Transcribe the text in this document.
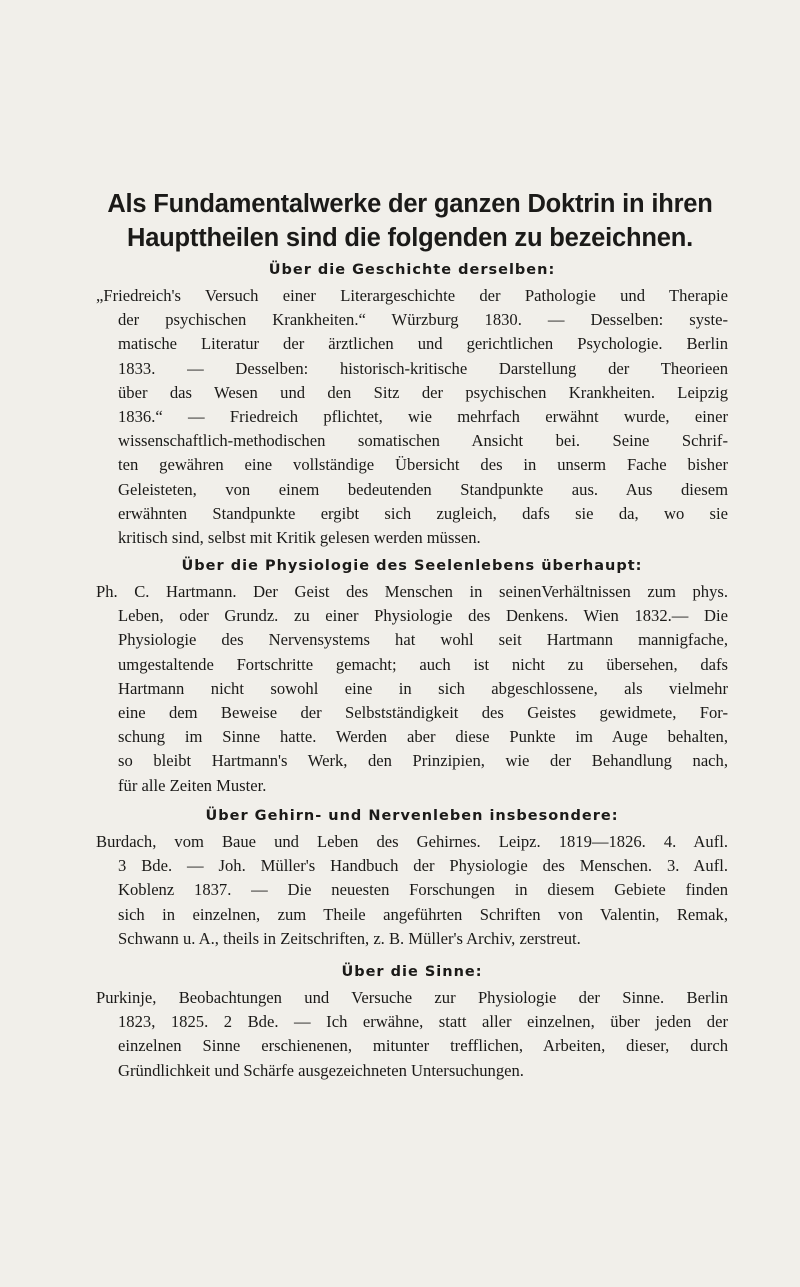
Als Fundamentalwerke der ganzen Doktrin in ihren
Haupttheilen sind die folgenden zu bezeichnen.
Über die Geschichte derselben:
„Friedreich's Versuch einer Literargeschichte der Pathologie und Therapie
der psychischen Krankheiten.“ Würzburg 1830. — Desselben: syste-
matische Literatur der ärztlichen und gerichtlichen Psychologie. Berlin
1833. — Desselben: historisch-kritische Darstellung der Theorieen
über das Wesen und den Sitz der psychischen Krankheiten. Leipzig
1836.“ — Friedreich pflichtet, wie mehrfach erwähnt wurde, einer
wissenschaftlich-methodischen somatischen Ansicht bei. Seine Schrif-
ten gewähren eine vollständige Übersicht des in unserm Fache bisher
Geleisteten, von einem bedeutenden Standpunkte aus. Aus diesem
erwähnten Standpunkte ergibt sich zugleich, dafs sie da, wo sie
kritisch sind, selbst mit Kritik gelesen werden müssen.
Über die Physiologie des Seelenlebens überhaupt:
Ph. C. Hartmann. Der Geist des Menschen in seinenVerhältnissen zum phys.
Leben, oder Grundz. zu einer Physiologie des Denkens. Wien 1832.— Die
Physiologie des Nervensystems hat wohl seit Hartmann mannigfache,
umgestaltende Fortschritte gemacht; auch ist nicht zu übersehen, dafs
Hartmann nicht sowohl eine in sich abgeschlossene, als vielmehr
eine dem Beweise der Selbstständigkeit des Geistes gewidmete, For-
schung im Sinne hatte. Werden aber diese Punkte im Auge behalten,
so bleibt Hartmann's Werk, den Prinzipien, wie der Behandlung nach,
für alle Zeiten Muster.
Über Gehirn- und Nervenleben insbesondere:
Burdach, vom Baue und Leben des Gehirnes. Leipz. 1819—1826. 4. Aufl.
3 Bde. — Joh. Müller's Handbuch der Physiologie des Menschen. 3. Aufl.
Koblenz 1837. — Die neuesten Forschungen in diesem Gebiete finden
sich in einzelnen, zum Theile angeführten Schriften von Valentin, Remak,
Schwann u. A., theils in Zeitschriften, z. B. Müller's Archiv, zerstreut.
Über die Sinne:
Purkinje, Beobachtungen und Versuche zur Physiologie der Sinne. Berlin
1823, 1825. 2 Bde. — Ich erwähne, statt aller einzelnen, über jeden der
einzelnen Sinne erschienenen, mitunter trefflichen, Arbeiten, dieser, durch
Gründlichkeit und Schärfe ausgezeichneten Untersuchungen.
